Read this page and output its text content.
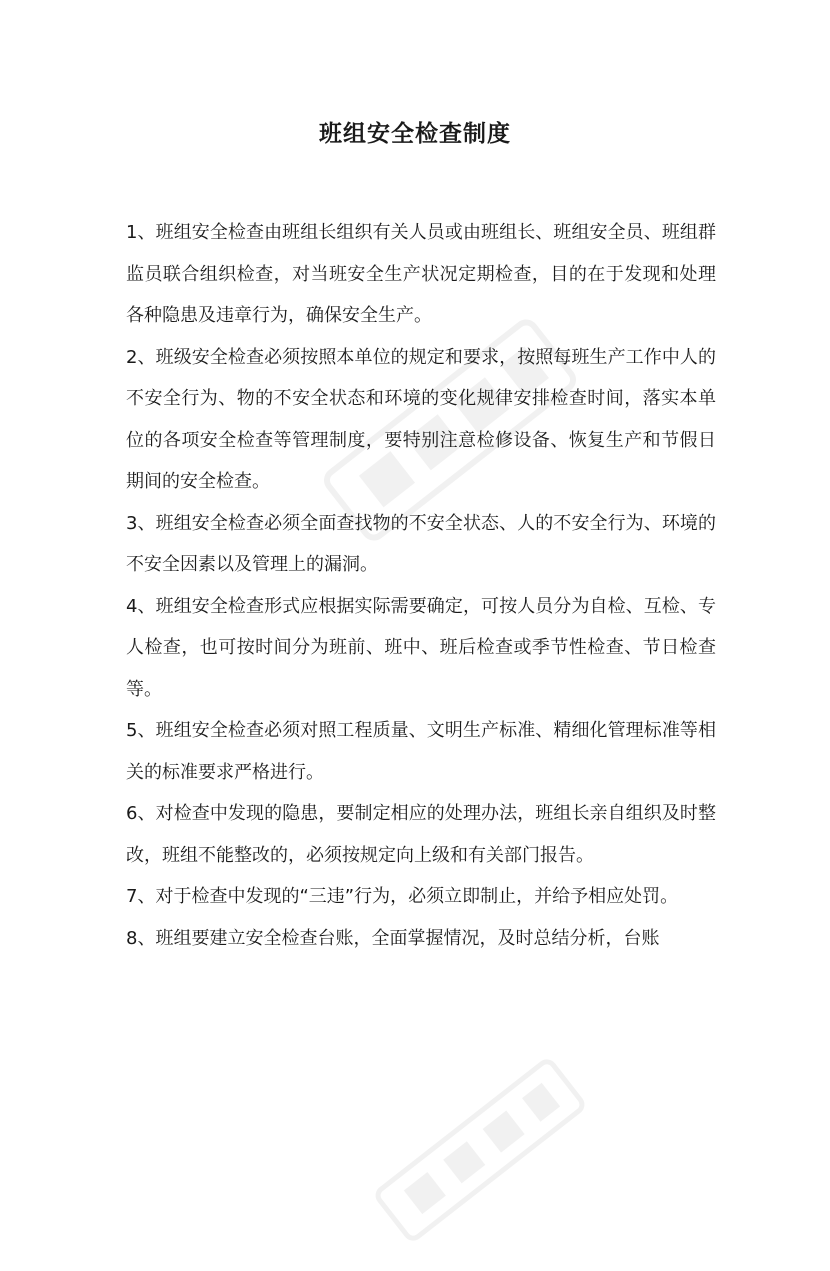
班组安全检查制度

1、班组安全检查由班组长组织有关人员或由班组长、班组安全员、班组群监员联合组织检查，对当班安全生产状况定期检查，目的在于发现和处理各种隐患及违章行为，确保安全生产。

2、班级安全检查必须按照本单位的规定和要求，按照每班生产工作中人的不安全行为、物的不安全状态和环境的变化规律安排检查时间，落实本单位的各项安全检查等管理制度，要特别注意检修设备、恢复生产和节假日期间的安全检查。

3、班组安全检查必须全面查找物的不安全状态、人的不安全行为、环境的不安全因素以及管理上的漏洞。

4、班组安全检查形式应根据实际需要确定，可按人员分为自检、互检、专人检查，也可按时间分为班前、班中、班后检查或季节性检查、节日检查等。

5、班组安全检查必须对照工程质量、文明生产标准、精细化管理标准等相关的标准要求严格进行。

6、对检查中发现的隐患，要制定相应的处理办法，班组长亲自组织及时整改，班组不能整改的，必须按规定向上级和有关部门报告。

7、对于检查中发现的“三违”行为，必须立即制止，并给予相应处罚。

8、班组要建立安全检查台账，全面掌握情况，及时总结分析，台账
